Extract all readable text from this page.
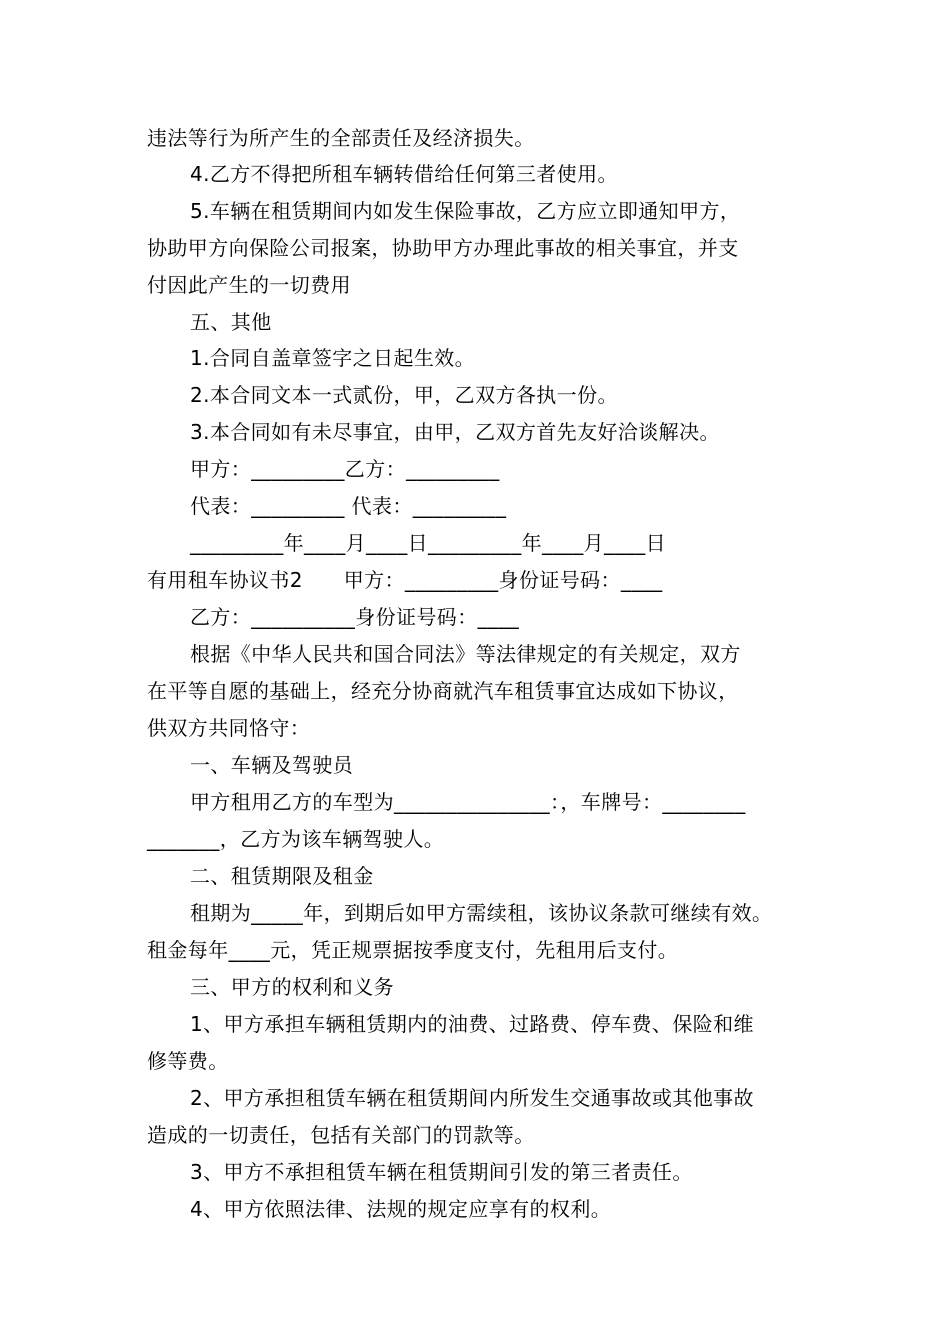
违法等行为所产生的全部责任及经济损失。
4.乙方不得把所租车辆转借给任何第三者使用。
5.车辆在租赁期间内如发生保险事故，乙方应立即通知甲方，
协助甲方向保险公司报案，协助甲方办理此事故的相关事宜，并支
付因此产生的一切费用
五、其他
1.合同自盖章签字之日起生效。
2.本合同文本一式贰份，甲，乙双方各执一份。
3.本合同如有未尽事宜，由甲，乙双方首先友好洽谈解决。
甲方：_________乙方：_________
代表：_________ 代表：_________
_________年____月____日_________年____月____日
有用租车协议书2　　甲方：_________身份证号码：____
乙方：__________身份证号码：____
根据《中华人民共和国合同法》等法律规定的有关规定，双方
在平等自愿的基础上，经充分协商就汽车租赁事宜达成如下协议，
供双方共同恪守：
一、车辆及驾驶员
甲方租用乙方的车型为_______________：，车牌号：________
_______，乙方为该车辆驾驶人。
二、租赁期限及租金
租期为_____年，到期后如甲方需续租，该协议条款可继续有效。
租金每年____元，凭正规票据按季度支付，先租用后支付。
三、甲方的权利和义务
1、甲方承担车辆租赁期内的油费、过路费、停车费、保险和维
修等费。
2、甲方承担租赁车辆在租赁期间内所发生交通事故或其他事故
造成的一切责任，包括有关部门的罚款等。
3、甲方不承担租赁车辆在租赁期间引发的第三者责任。
4、甲方依照法律、法规的规定应享有的权利。
